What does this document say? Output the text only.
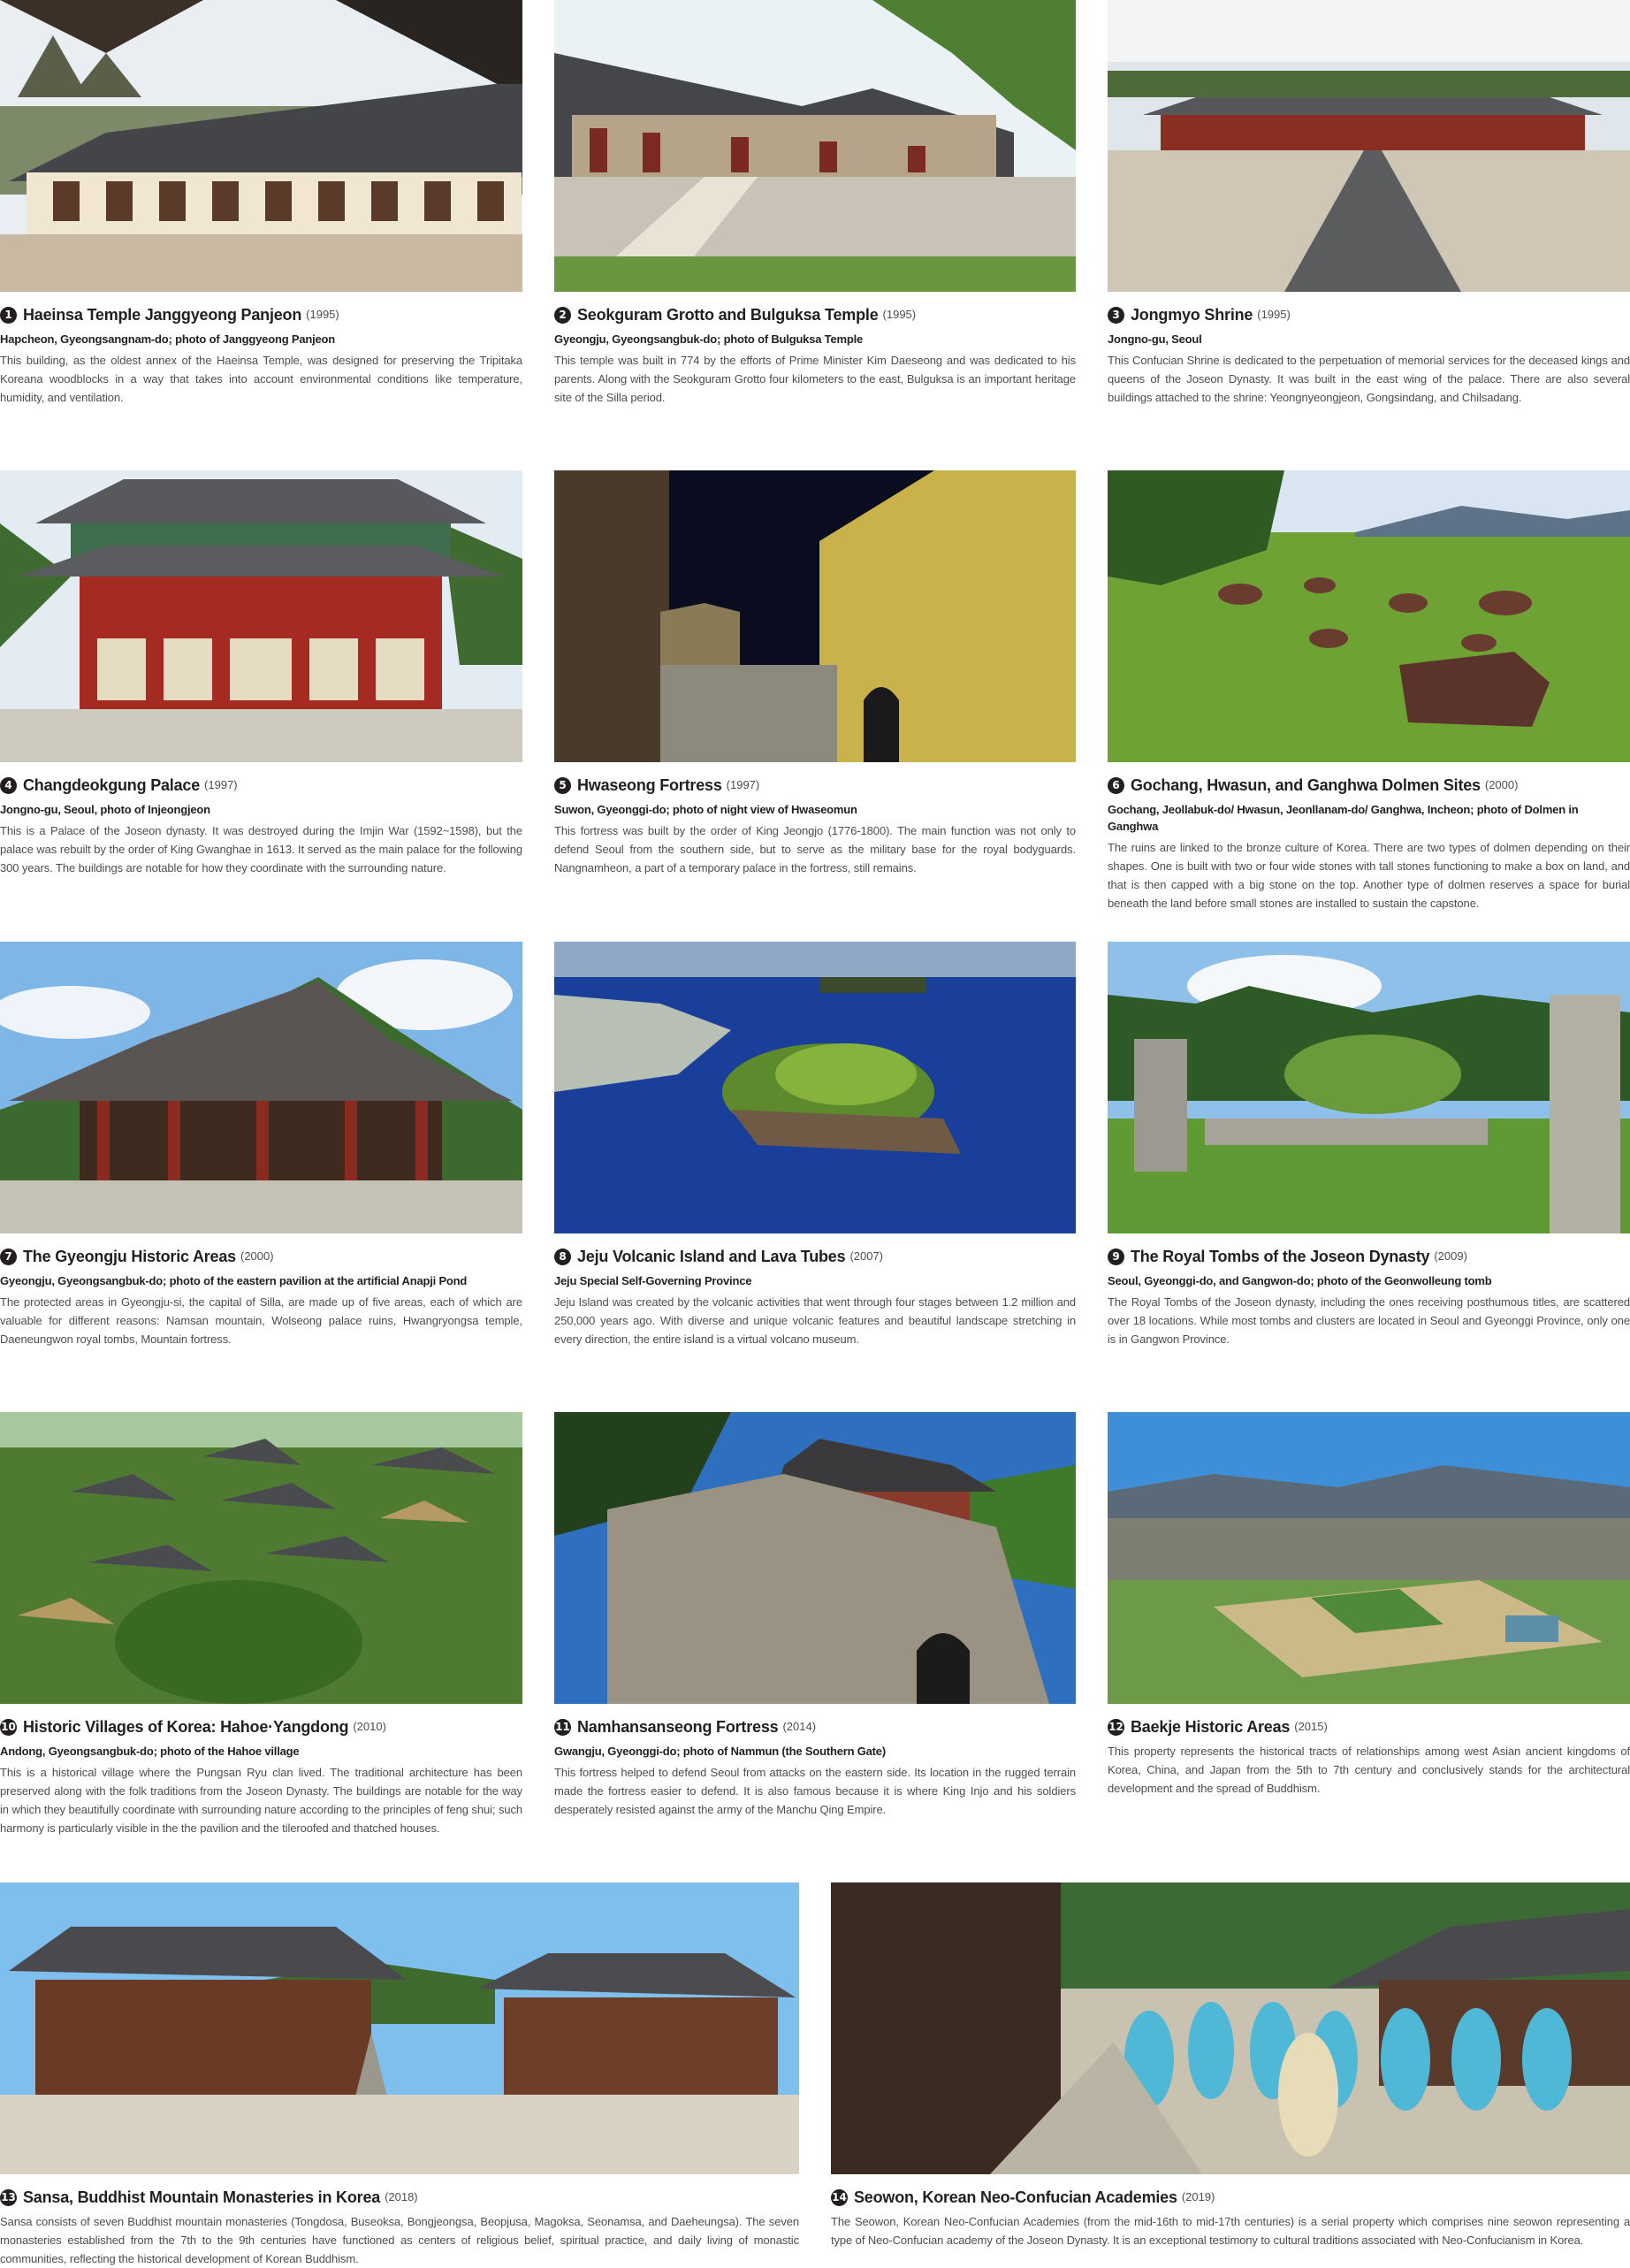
1 Haeinsa Temple Janggyeong Panjeon (1995)
Hapcheon, Gyeongsangnam-do; photo of Janggyeong Panjeon
This building, as the oldest annex of the Haeinsa Temple, was designed for preserving the Tripitaka Koreana woodblocks in a way that takes into account environmental conditions like temperature, humidity, and ventilation.
2 Seokguram Grotto and Bulguksa Temple (1995)
Gyeongju, Gyeongsangbuk-do; photo of Bulguksa Temple
This temple was built in 774 by the efforts of Prime Minister Kim Daeseong and was dedicated to his parents. Along with the Seokguram Grotto four kilometers to the east, Bulguksa is an important heritage site of the Silla period.
3 Jongmyo Shrine (1995)
Jongno-gu, Seoul
This Confucian Shrine is dedicated to the perpetuation of memorial services for the deceased kings and queens of the Joseon Dynasty. It was built in the east wing of the palace. There are also several buildings attached to the shrine: Yeongnyeongjeon, Gongsindang, and Chilsadang.
4 Changdeokgung Palace (1997)
Jongno-gu, Seoul, photo of Injeongjeon
This is a Palace of the Joseon dynasty. It was destroyed during the Imjin War (1592~1598), but the palace was rebuilt by the order of King Gwanghae in 1613. It served as the main palace for the following 300 years. The buildings are notable for how they coordinate with the surrounding nature.
5 Hwaseong Fortress (1997)
Suwon, Gyeonggi-do; photo of night view of Hwaseomun
This fortress was built by the order of King Jeongjo (1776-1800). The main function was not only to defend Seoul from the southern side, but to serve as the military base for the royal bodyguards. Nangnamheon, a part of a temporary palace in the fortress, still remains.
6 Gochang, Hwasun, and Ganghwa Dolmen Sites (2000)
Gochang, Jeollabuk-do/ Hwasun, Jeonllanam-do/ Ganghwa, Incheon; photo of Dolmen in Ganghwa
The ruins are linked to the bronze culture of Korea. There are two types of dolmen depending on their shapes. One is built with two or four wide stones with tall stones functioning to make a box on land, and that is then capped with a big stone on the top. Another type of dolmen reserves a space for burial beneath the land before small stones are installed to sustain the capstone.
7 The Gyeongju Historic Areas (2000)
Gyeongju, Gyeongsangbuk-do; photo of the eastern pavilion at the artificial Anapji Pond
The protected areas in Gyeongju-si, the capital of Silla, are made up of five areas, each of which are valuable for different reasons: Namsan mountain, Wolseong palace ruins, Hwangryongsa temple, Daeneungwon royal tombs, Mountain fortress.
8 Jeju Volcanic Island and Lava Tubes (2007)
Jeju Special Self-Governing Province
Jeju Island was created by the volcanic activities that went through four stages between 1.2 million and 250,000 years ago. With diverse and unique volcanic features and beautiful landscape stretching in every direction, the entire island is a virtual volcano museum.
9 The Royal Tombs of the Joseon Dynasty (2009)
Seoul, Gyeonggi-do, and Gangwon-do; photo of the Geonwolleung tomb
The Royal Tombs of the Joseon dynasty, including the ones receiving posthumous titles, are scattered over 18 locations. While most tombs and clusters are located in Seoul and Gyeonggi Province, only one is in Gangwon Province.
10 Historic Villages of Korea: Hahoe·Yangdong (2010)
Andong, Gyeongsangbuk-do; photo of the Hahoe village
This is a historical village where the Pungsan Ryu clan lived. The traditional architecture has been preserved along with the folk traditions from the Joseon Dynasty. The buildings are notable for the way in which they beautifully coordinate with surrounding nature according to the principles of feng shui; such harmony is particularly visible in the the pavilion and the tileroofed and thatched houses.
11 Namhansanseong Fortress (2014)
Gwangju, Gyeonggi-do; photo of Nammun (the Southern Gate)
This fortress helped to defend Seoul from attacks on the eastern side. Its location in the rugged terrain made the fortress easier to defend. It is also famous because it is where King Injo and his soldiers desperately resisted against the army of the Manchu Qing Empire.
12 Baekje Historic Areas (2015)
This property represents the historical tracts of relationships among west Asian ancient kingdoms of Korea, China, and Japan from the 5th to 7th century and conclusively stands for the architectural development and the spread of Buddhism.
13 Sansa, Buddhist Mountain Monasteries in Korea (2018)
Sansa consists of seven Buddhist mountain monasteries (Tongdosa, Buseoksa, Bongjeongsa, Beopjusa, Magoksa, Seonamsa, and Daeheungsa). The seven monasteries established from the 7th to the 9th centuries have functioned as centers of religious belief, spiritual practice, and daily living of monastic communities, reflecting the historical development of Korean Buddhism.
14 Seowon, Korean Neo-Confucian Academies (2019)
The Seowon, Korean Neo-Confucian Academies (from the mid-16th to mid-17th centuries) is a serial property which comprises nine seowon representing a type of Neo-Confucian academy of the Joseon Dynasty. It is an exceptional testimony to cultural traditions associated with Neo-Confucianism in Korea.
